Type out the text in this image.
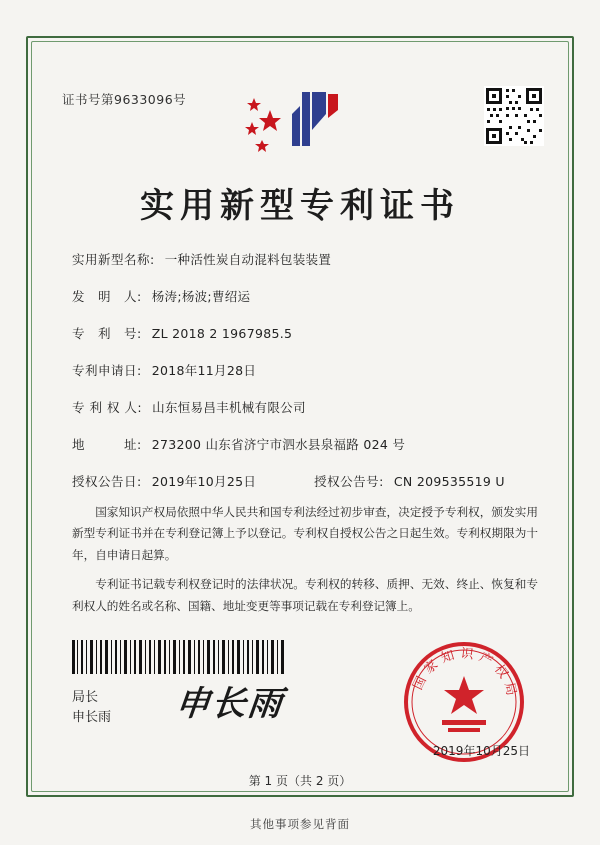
证书号第9633096号
实用新型专利证书
实用新型名称: 一种活性炭自动混料包装装置
发　明　人: 杨涛;杨波;曹绍运
专　利　号: ZL 2018 2 1967985.5
专利申请日: 2018年11月28日
专 利 权 人: 山东恒易昌丰机械有限公司
地　　　址: 273200 山东省济宁市泗水县泉福路 024 号
授权公告日: 2019年10月25日	授权公告号: CN 209535519 U

国家知识产权局依照中华人民共和国专利法经过初步审查，决定授予专利权，颁发实用新型专利证书并在专利登记簿上予以登记。专利权自授权公告之日起生效。专利权期限为十年，自申请日起算。

专利证书记载专利权登记时的法律状况。专利权的转移、质押、无效、终止、恢复和专利权人的姓名或名称、国籍、地址变更等事项记载在专利登记簿上。

局长
申长雨 申长雨
国家知识产权局
2019年10月25日
第 1 页（共 2 页）
其他事项参见背面
